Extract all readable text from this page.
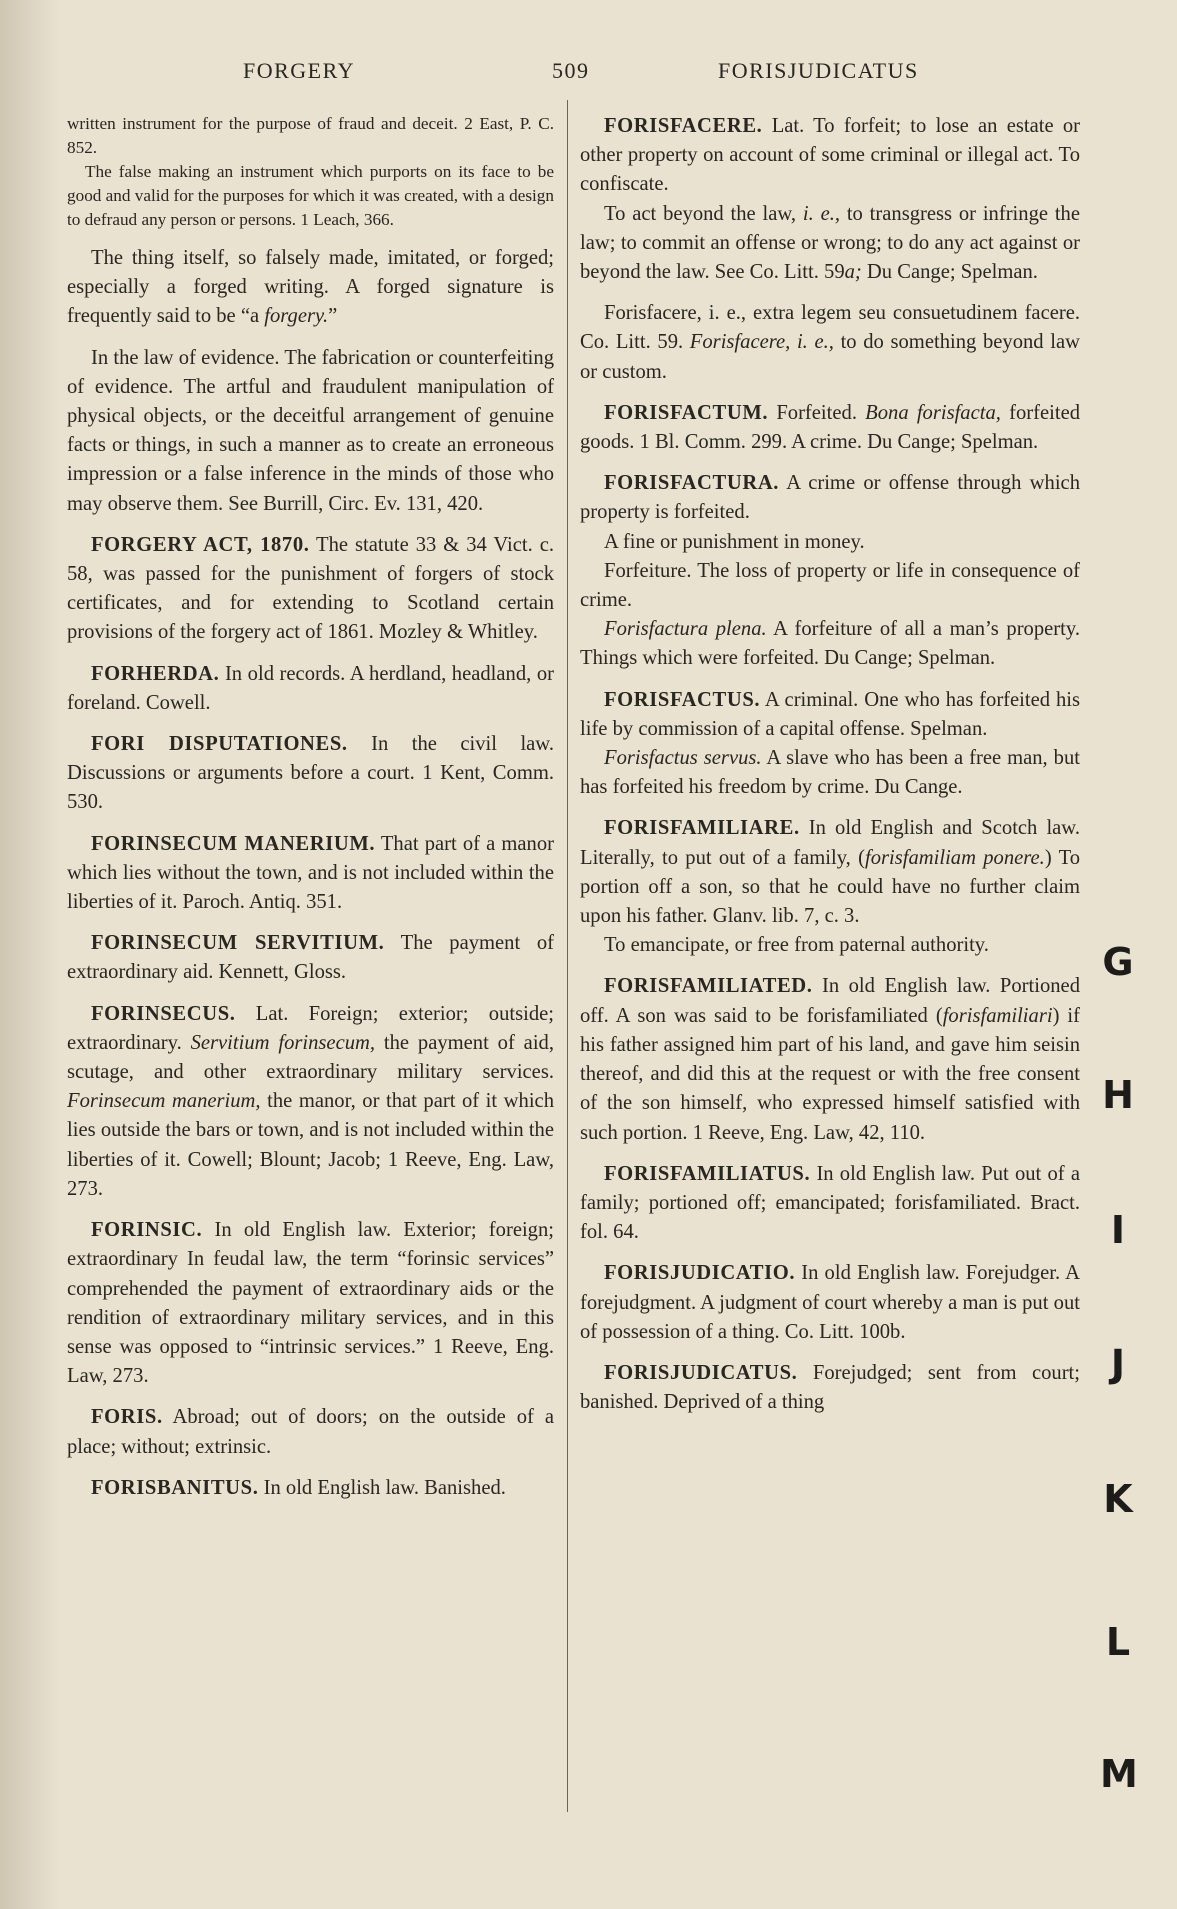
FORGERY	509	FORISJUDICATUS

written instrument for the purpose of fraud and deceit. 2 East, P. C. 852.

The false making an instrument which purports on its face to be good and valid for the purposes for which it was created, with a design to defraud any person or persons. 1 Leach, 366.

The thing itself, so falsely made, imitated, or forged; especially a forged writing. A forged signature is frequently said to be “a forgery.”

In the law of evidence. The fabrication or counterfeiting of evidence. The artful and fraudulent manipulation of physical objects, or the deceitful arrangement of genuine facts or things, in such a manner as to create an erroneous impression or a false inference in the minds of those who may observe them. See Burrill, Circ. Ev. 131, 420.

FORGERY ACT, 1870. The statute 33 & 34 Vict. c. 58, was passed for the punishment of forgers of stock certificates, and for extending to Scotland certain provisions of the forgery act of 1861. Mozley & Whitley.

FORHERDA. In old records. A herdland, headland, or foreland. Cowell.

FORI DISPUTATIONES. In the civil law. Discussions or arguments before a court. 1 Kent, Comm. 530.

FORINSECUM MANERIUM. That part of a manor which lies without the town, and is not included within the liberties of it. Paroch. Antiq. 351.

FORINSECUM SERVITIUM. The payment of extraordinary aid. Kennett, Gloss.

FORINSECUS. Lat. Foreign; exterior; outside; extraordinary. Servitium forinsecum, the payment of aid, scutage, and other extraordinary military services. Forinsecum manerium, the manor, or that part of it which lies outside the bars or town, and is not included within the liberties of it. Cowell; Blount; Jacob; 1 Reeve, Eng. Law, 273.

FORINSIC. In old English law. Exterior; foreign; extraordinary In feudal law, the term “forinsic services” comprehended the payment of extraordinary aids or the rendition of extraordinary military services, and in this sense was opposed to “intrinsic services.” 1 Reeve, Eng. Law, 273.

FORIS. Abroad; out of doors; on the outside of a place; without; extrinsic.

FORISBANITUS. In old English law. Banished.

FORISFACERE. Lat. To forfeit; to lose an estate or other property on account of some criminal or illegal act. To confiscate.

To act beyond the law, i. e., to transgress or infringe the law; to commit an offense or wrong; to do any act against or beyond the law. See Co. Litt. 59a; Du Cange; Spelman.

Forisfacere, i. e., extra legem seu consuetudinem facere. Co. Litt. 59. Forisfacere, i. e., to do something beyond law or custom.

FORISFACTUM. Forfeited. Bona forisfacta, forfeited goods. 1 Bl. Comm. 299. A crime. Du Cange; Spelman.

FORISFACTURA. A crime or offense through which property is forfeited.

A fine or punishment in money.

Forfeiture. The loss of property or life in consequence of crime.

Forisfactura plena. A forfeiture of all a man’s property. Things which were forfeited. Du Cange; Spelman.

FORISFACTUS. A criminal. One who has forfeited his life by commission of a capital offense. Spelman.

Forisfactus servus. A slave who has been a free man, but has forfeited his freedom by crime. Du Cange.

FORISFAMILIARE. In old English and Scotch law. Literally, to put out of a family, (forisfamiliam ponere.) To portion off a son, so that he could have no further claim upon his father. Glanv. lib. 7, c. 3.

To emancipate, or free from paternal authority.

FORISFAMILIATED. In old English law. Portioned off. A son was said to be forisfamiliated (forisfamiliari) if his father assigned him part of his land, and gave him seisin thereof, and did this at the request or with the free consent of the son himself, who expressed himself satisfied with such portion. 1 Reeve, Eng. Law, 42, 110.

FORISFAMILIATUS. In old English law. Put out of a family; portioned off; emancipated; forisfamiliated. Bract. fol. 64.

FORISJUDICATIO. In old English law. Forejudger. A forejudgment. A judgment of court whereby a man is put out of possession of a thing. Co. Litt. 100b.

FORISJUDICATUS. Forejudged; sent from court; banished. Deprived of a thing

G
H
I
J
K
L
M
